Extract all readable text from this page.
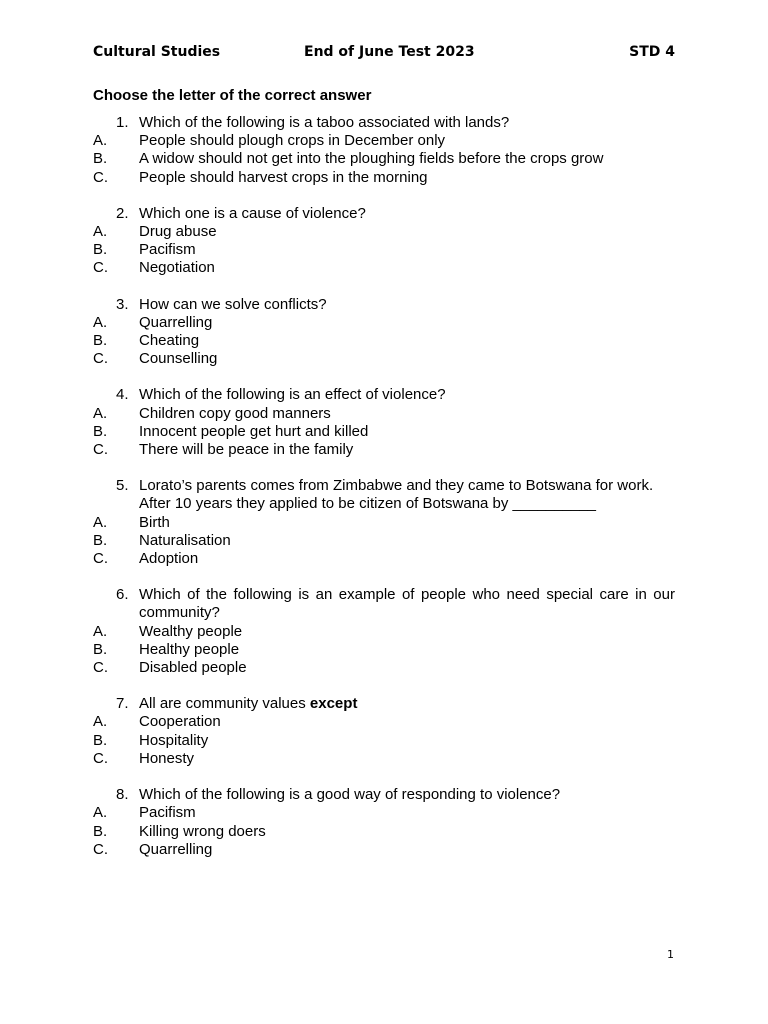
Cultural Studies	End of June Test 2023	STD 4
Choose the letter of the correct answer
1. Which of the following is a taboo associated with lands?
A.	People should plough crops in December only
B.	A widow should not get into the ploughing fields before the crops grow
C.	People should harvest crops in the morning
2. Which one is a cause of violence?
A.	Drug abuse
B.	Pacifism
C.	Negotiation
3. How can we solve conflicts?
A.	Quarrelling
B.	Cheating
C.	Counselling
4. Which of the following is an effect of violence?
A.	Children copy good manners
B.	Innocent people get hurt and killed
C.	There will be peace in the family
5. Lorato’s parents comes from Zimbabwe and they came to Botswana for work.
After 10 years they applied to be citizen of Botswana by __________
A.	Birth
B.	Naturalisation
C.	Adoption
6. Which of the following is an example of people who need special care in our community?
A.	Wealthy people
B.	Healthy people
C.	Disabled people
7. All are community values except
A.	Cooperation
B.	Hospitality
C.	Honesty
8. Which of the following is a good way of responding to violence?
A.	Pacifism
B.	Killing wrong doers
C.	Quarrelling
1
